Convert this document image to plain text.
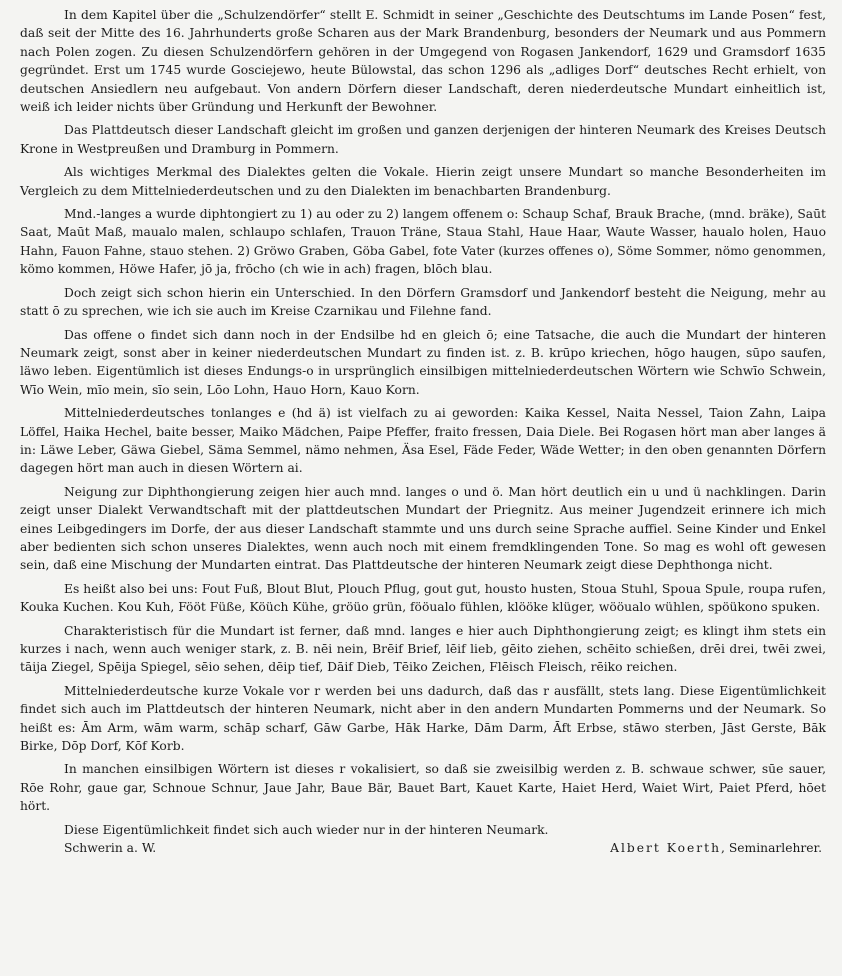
In dem Kapitel über die „Schulzendörfer“ stellt E. Schmidt in seiner „Geschichte des Deutschtums im Lande Posen“ fest, daß seit der Mitte des 16. Jahrhunderts große Scharen aus der Mark Brandenburg, besonders der Neumark und aus Pommern nach Polen zogen. Zu diesen Schulzendörfern gehören in der Umgegend von Rogasen Jankendorf, 1629 und Gramsdorf 1635 gegründet. Erst um 1745 wurde Gosciejewo, heute Bülowstal, das schon 1296 als „adliges Dorf“ deutsches Recht erhielt, von deutschen Ansiedlern neu aufgebaut. Von andern Dörfern dieser Landschaft, deren niederdeutsche Mundart einheitlich ist, weiß ich leider nichts über Gründung und Herkunft der Bewohner.

Das Plattdeutsch dieser Landschaft gleicht im großen und ganzen derjenigen der hinteren Neumark des Kreises Deutsch Krone in Westpreußen und Dramburg in Pommern.

Als wichtiges Merkmal des Dialektes gelten die Vokale. Hierin zeigt unsere Mundart so manche Besonderheiten im Vergleich zu dem Mittelniederdeutschen und zu den Dialekten im benachbarten Brandenburg.

Mnd.-langes a wurde diphtongiert zu 1) au oder zu 2) langem offenem o: Schaup Schaf, Brauk Brache, (mnd. bräke), Saūt Saat, Maūt Maß, maualo malen, schlaupo schlafen, Trauon Träne, Staua Stahl, Haue Haar, Waute Wasser, haualo holen, Hauo Hahn, Fauon Fahne, stauo stehen. 2) Gröwo Graben, Göba Gabel, fote Vater (kurzes offenes o), Söme Sommer, nömo genommen, kömo kommen, Höwe Hafer, jō ja, frōcho (ch wie in ach) fragen, blōch blau.

Doch zeigt sich schon hierin ein Unterschied. In den Dörfern Gramsdorf und Jankendorf besteht die Neigung, mehr au statt ō zu sprechen, wie ich sie auch im Kreise Czarnikau und Filehne fand.

Das offene o findet sich dann noch in der Endsilbe hd en gleich ō; eine Tatsache, die auch die Mundart der hinteren Neumark zeigt, sonst aber in keiner niederdeutschen Mundart zu finden ist. z. B. krūpo kriechen, hōgo haugen, sūpo saufen, läwo leben. Eigentümlich ist dieses Endungs-o in ursprünglich einsilbigen mittelniederdeutschen Wörtern wie Schwīo Schwein, Wīo Wein, mīo mein, sīo sein, Lōo Lohn, Hauo Horn, Kauo Korn.

Mittelniederdeutsches tonlanges e (hd ä) ist vielfach zu ai geworden: Kaika Kessel, Naita Nessel, Taion Zahn, Laipa Löffel, Haika Hechel, baite besser, Maiko Mädchen, Paipe Pfeffer, fraito fressen, Daia Diele. Bei Rogasen hört man aber langes ä in: Läwe Leber, Gäwa Giebel, Säma Semmel, nämo nehmen, Äsa Esel, Fäde Feder, Wäde Wetter; in den oben genannten Dörfern dagegen hört man auch in diesen Wörtern ai.

Neigung zur Diphthongierung zeigen hier auch mnd. langes o und ö. Man hört deutlich ein u und ü nachklingen. Darin zeigt unser Dialekt Verwandtschaft mit der plattdeutschen Mundart der Priegnitz. Aus meiner Jugendzeit erinnere ich mich eines Leibgedingers im Dorfe, der aus dieser Landschaft stammte und uns durch seine Sprache auffiel. Seine Kinder und Enkel aber bedienten sich schon unseres Dialektes, wenn auch noch mit einem fremdklingenden Tone. So mag es wohl oft gewesen sein, daß eine Mischung der Mundarten eintrat. Das Plattdeutsche der hinteren Neumark zeigt diese Dephthonga nicht.

Es heißt also bei uns: Fout Fuß, Blout Blut, Plouch Pflug, gout gut, housto husten, Stoua Stuhl, Spoua Spule, roupa rufen, Kouka Kuchen. Kou Kuh, Fööt Füße, Köüch Kühe, gröüo grün, fööualo fühlen, klööke klüger, wööualo wühlen, spöükono spuken.

Charakteristisch für die Mundart ist ferner, daß mnd. langes e hier auch Diphthongierung zeigt; es klingt ihm stets ein kurzes i nach, wenn auch weniger stark, z. B. nēi nein, Brēif Brief, lēif lieb, gēito ziehen, schēito schießen, drēi drei, twēi zwei, tāija Ziegel, Spēija Spiegel, sēio sehen, dēip tief, Dāif Dieb, Tēiko Zeichen, Flēisch Fleisch, rēiko reichen.

Mittelniederdeutsche kurze Vokale vor r werden bei uns dadurch, daß das r ausfällt, stets lang. Diese Eigentümlichkeit findet sich auch im Plattdeutsch der hinteren Neumark, nicht aber in den andern Mundarten Pommerns und der Neumark. So heißt es: Ām Arm, wām warm, schāp scharf, Gāw Garbe, Hāk Harke, Dām Darm, Āft Erbse, stāwo sterben, Jāst Gerste, Bāk Birke, Dōp Dorf, Kōf Korb.

In manchen einsilbigen Wörtern ist dieses r vokalisiert, so daß sie zweisilbig werden z. B. schwaue schwer, sūe sauer, Rōe Rohr, gaue gar, Schnoue Schnur, Jaue Jahr, Baue Bär, Bauet Bart, Kauet Karte, Haiet Herd, Waiet Wirt, Paiet Pferd, hōet hört.

Diese Eigentümlichkeit findet sich auch wieder nur in der hinteren Neumark.

Schwerin a. W.	Albert Koerth, Seminarlehrer.
